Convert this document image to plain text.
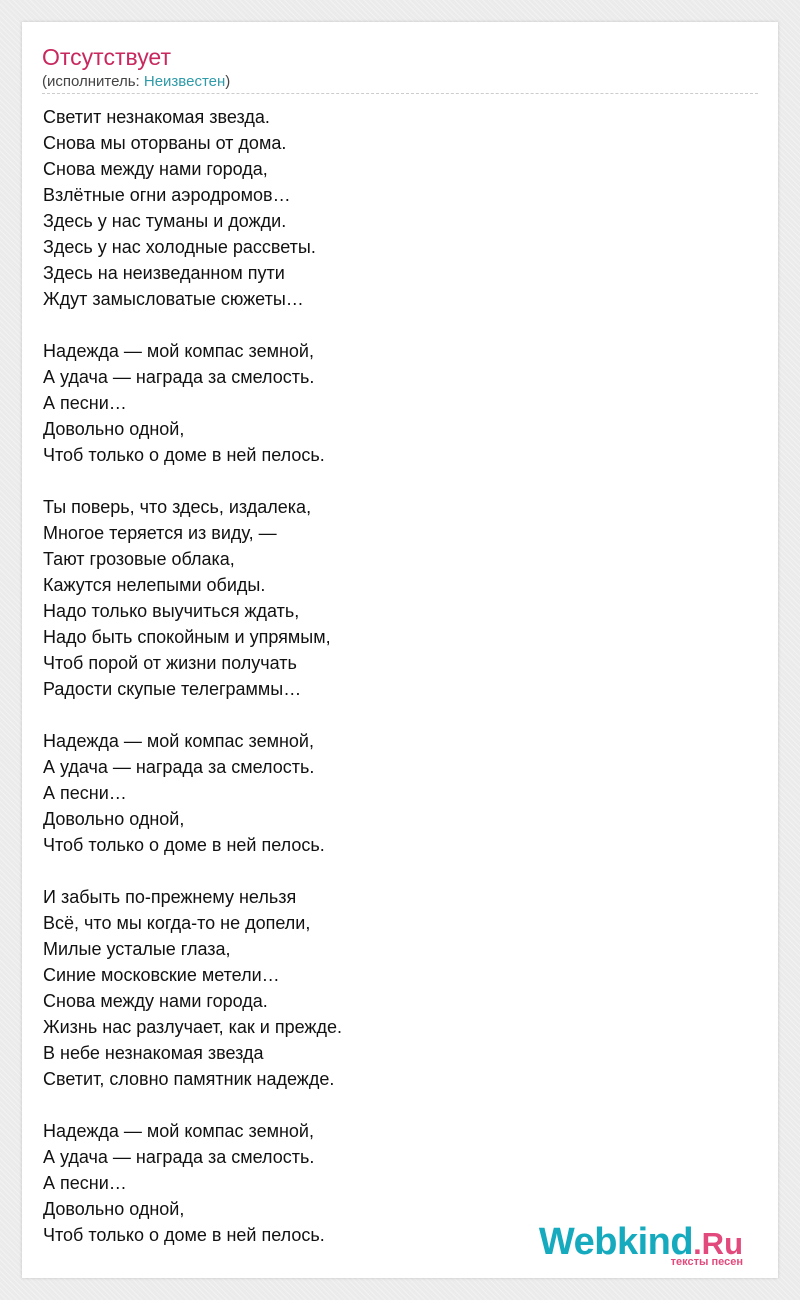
Отсутствует
(исполнитель: Неизвестен)
Светит незнакомая звезда.
Снова мы оторваны от дома.
Снова между нами города,
Взлётные огни аэродромов…
Здесь у нас туманы и дожди.
Здесь у нас холодные рассветы.
Здесь на неизведанном пути
Ждут замысловатые сюжеты…
Надежда — мой компас земной,
А удача — награда за смелость.
А песни…
Довольно одной,
Чтоб только о доме в ней пелось.
Ты поверь, что здесь, издалека,
Многое теряется из виду, —
Тают грозовые облака,
Кажутся нелепыми обиды.
Надо только выучиться ждать,
Надо быть спокойным и упрямым,
Чтоб порой от жизни получать
Радости скупые телеграммы…
Надежда — мой компас земной,
А удача — награда за смелость.
А песни…
Довольно одной,
Чтоб только о доме в ней пелось.
И забыть по-прежнему нельзя
Всё, что мы когда-то не допели,
Милые усталые глаза,
Синие московские метели…
Снова между нами города.
Жизнь нас разлучает, как и прежде.
В небе незнакомая звезда
Светит, словно памятник надежде.
Надежда — мой компас земной,
А удача — награда за смелость.
А песни…
Довольно одной,
Чтоб только о доме в ней пелось.	Webkind.Ru
тексты песен
